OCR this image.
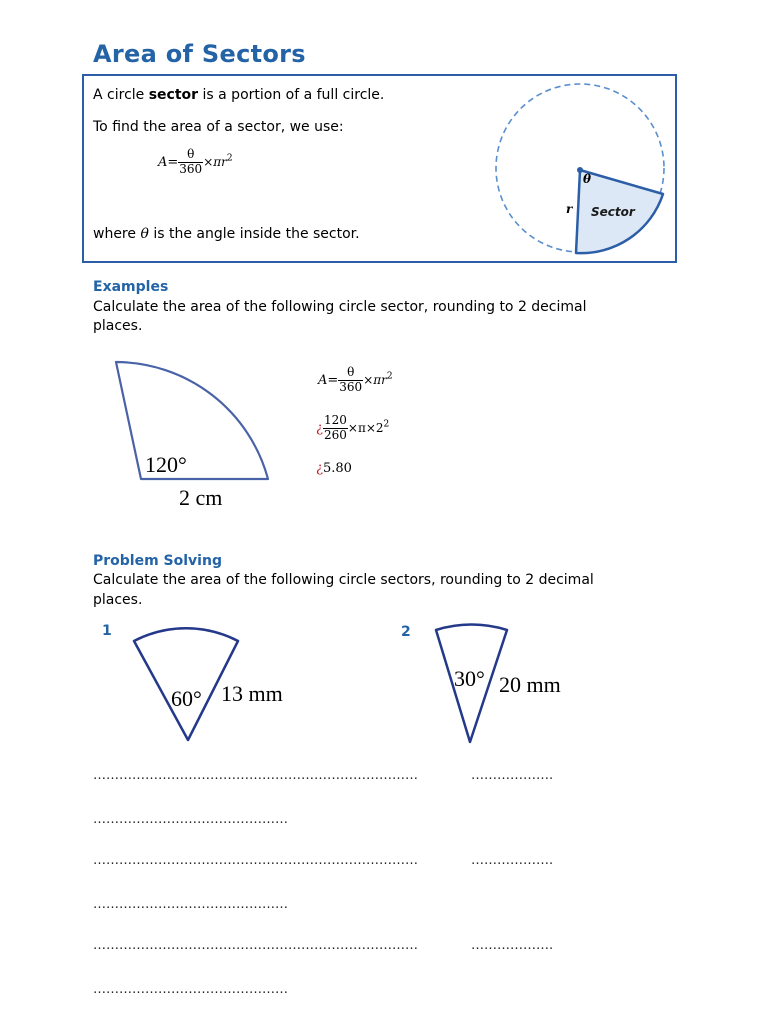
Area of Sectors
A circle sector is a portion of a full circle.
To find the area of a sector, we use:
$A= \frac{\theta}{360} \times\pi r^2$
where θ is the angle inside the sector.
θ
r Sector
Examples
Calculate the area of the following circle sector, rounding to 2 decimal
places.
120°
2 cm
$A= \frac{\theta}{360} \times\pi r^2$
¿ $\frac{120}{260} \times\pi\times 2^2$
¿5.80
Problem Solving
Calculate the area of the following circle sectors, rounding to 2 decimal
places.
1	2
60° 13 mm
30° 20 mm
…………………………………………………………………	……………….
………………………………………
…………………………………………………………………	……………….
………………………………………
…………………………………………………………………	……………….
………………………………………
